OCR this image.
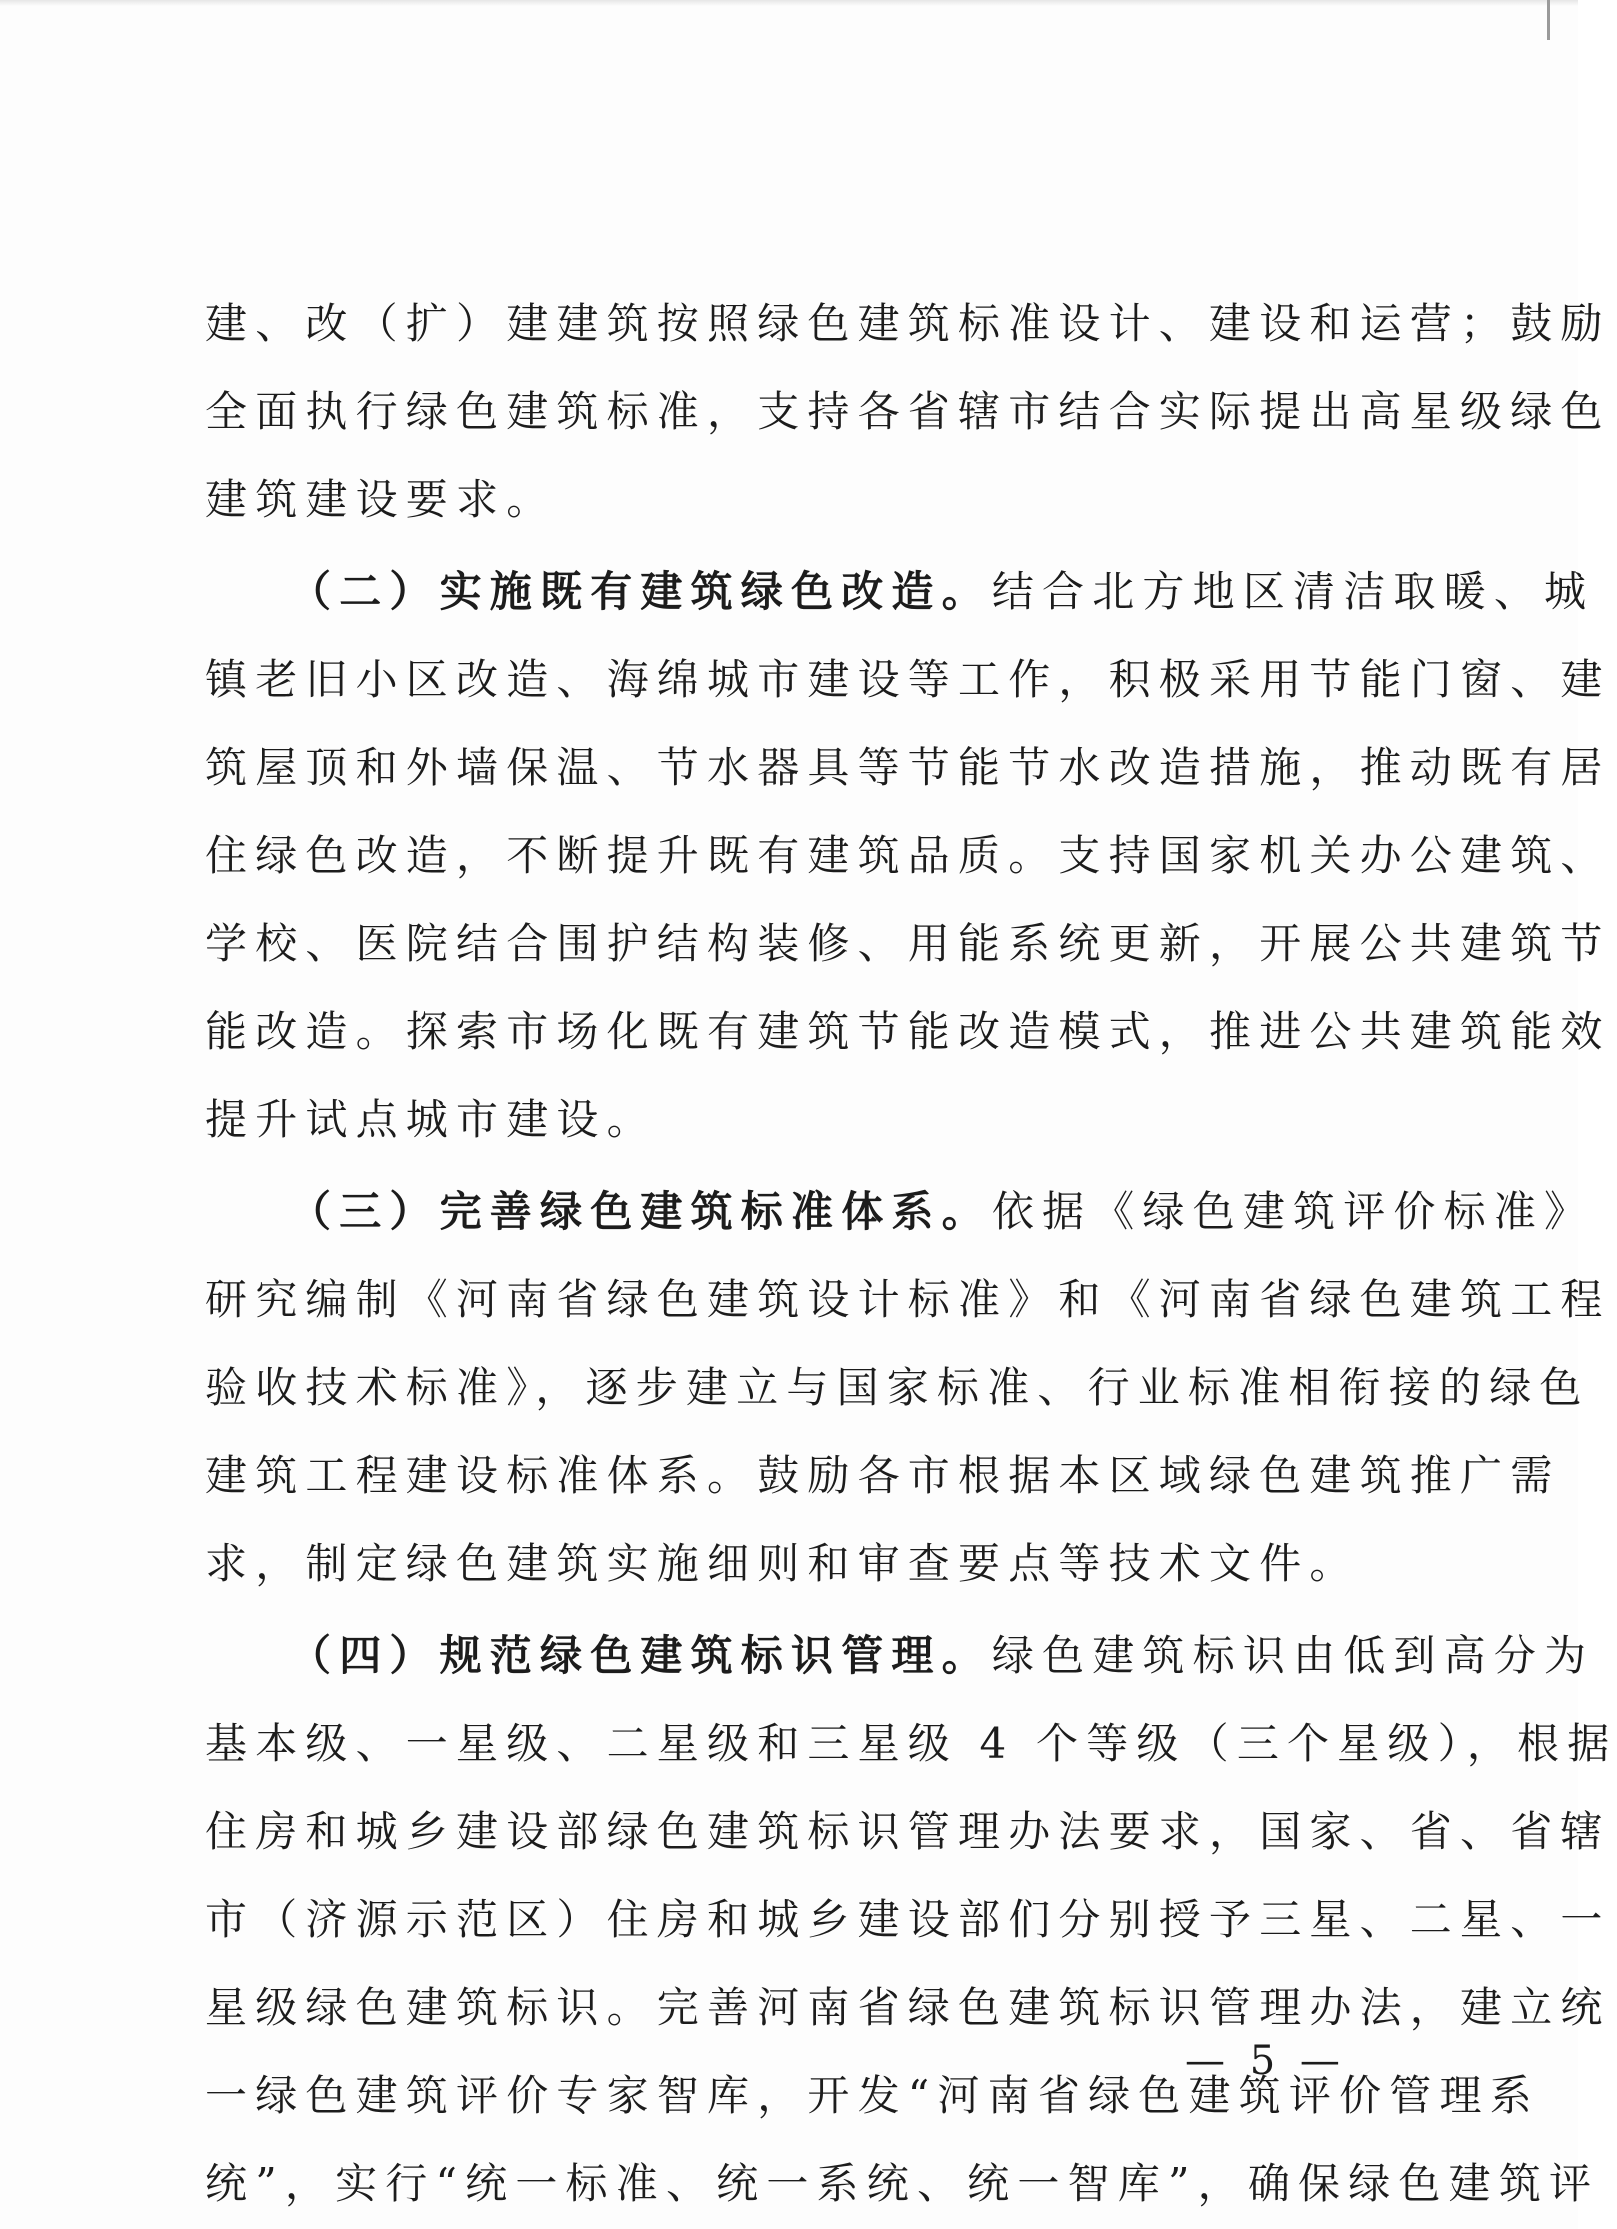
建、改（扩）建建筑按照绿色建筑标准设计、建设和运营；鼓励
全面执行绿色建筑标准，支持各省辖市结合实际提出高星级绿色
建筑建设要求。
（二）实施既有建筑绿色改造。结合北方地区清洁取暖、城
镇老旧小区改造、海绵城市建设等工作，积极采用节能门窗、建
筑屋顶和外墙保温、节水器具等节能节水改造措施，推动既有居
住绿色改造，不断提升既有建筑品质。支持国家机关办公建筑、
学校、医院结合围护结构装修、用能系统更新，开展公共建筑节
能改造。探索市场化既有建筑节能改造模式，推进公共建筑能效
提升试点城市建设。
（三）完善绿色建筑标准体系。依据《绿色建筑评价标准》
研究编制《河南省绿色建筑设计标准》和《河南省绿色建筑工程
验收技术标准》，逐步建立与国家标准、行业标准相衔接的绿色
建筑工程建设标准体系。鼓励各市根据本区域绿色建筑推广需
求，制定绿色建筑实施细则和审查要点等技术文件。
（四）规范绿色建筑标识管理。绿色建筑标识由低到高分为
基本级、一星级、二星级和三星级 4 个等级（三个星级），根据
住房和城乡建设部绿色建筑标识管理办法要求，国家、省、省辖
市（济源示范区）住房和城乡建设部们分别授予三星、二星、一
星级绿色建筑标识。完善河南省绿色建筑标识管理办法，建立统
一绿色建筑评价专家智库，开发“河南省绿色建筑评价管理系
统”，实行“统一标准、统一系统、统一智库”，确保绿色建筑评
— 5 —
